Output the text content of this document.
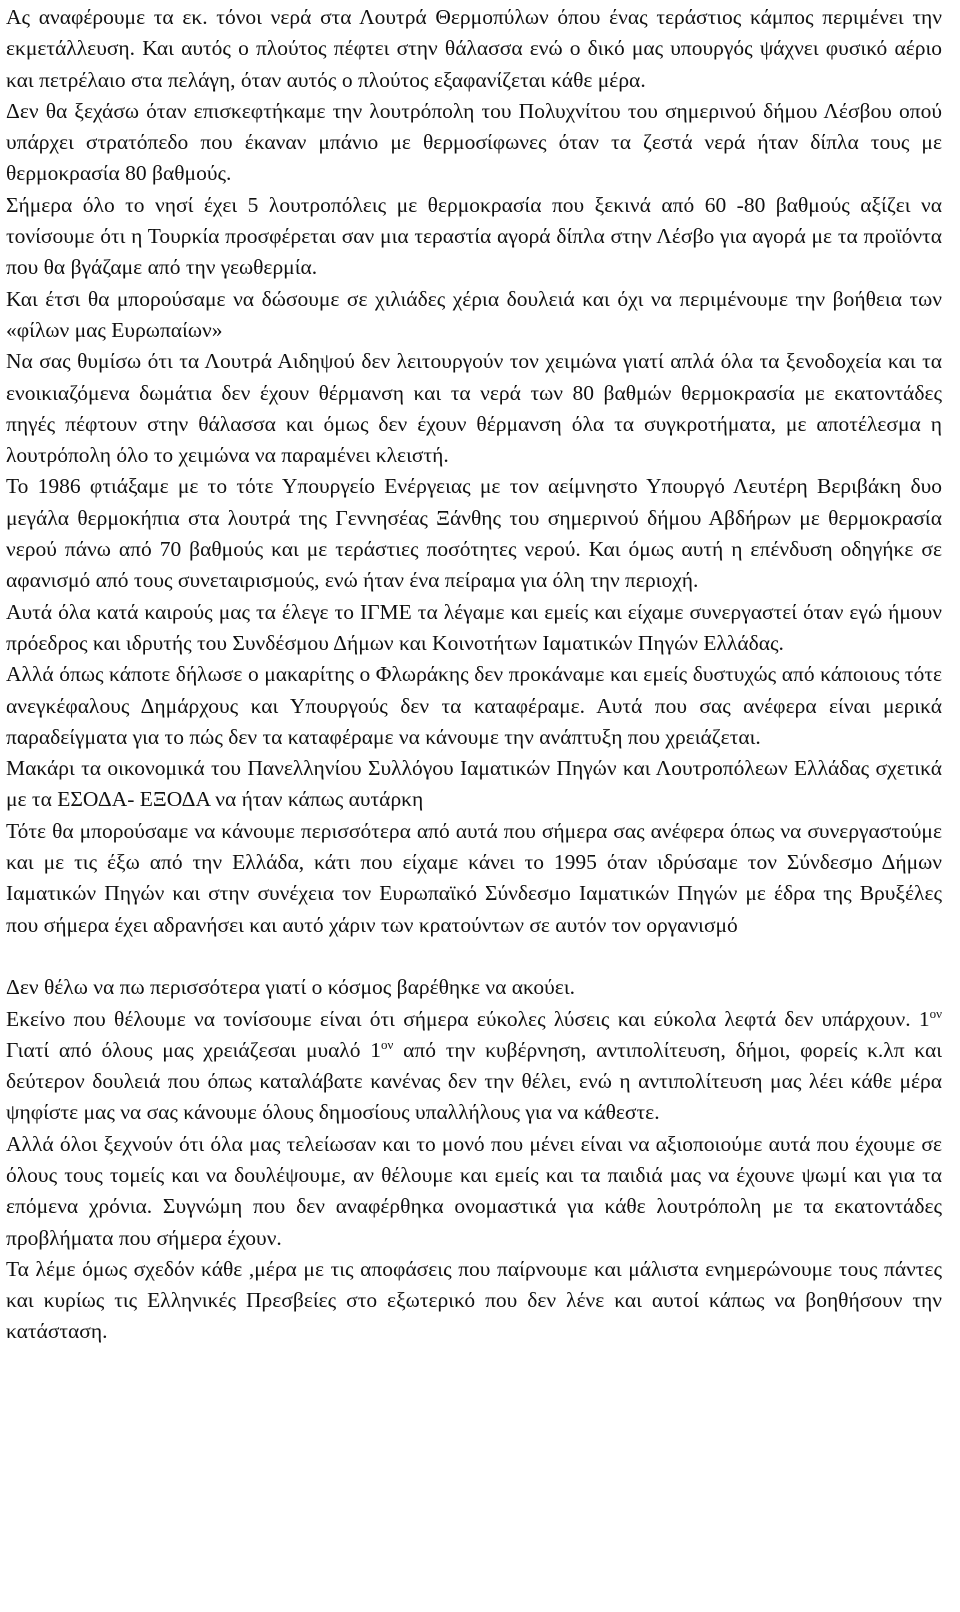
Ας αναφέρουμε τα εκ. τόνοι νερά στα Λουτρά Θερμοπύλων όπου ένας τεράστιος κάμπος περιμένει την εκμετάλλευση. Και αυτός ο πλούτος πέφτει στην θάλασσα ενώ ο δικό μας υπουργός ψάχνει φυσικό αέριο και πετρέλαιο στα πελάγη, όταν αυτός ο πλούτος εξαφανίζεται κάθε μέρα.

Δεν θα ξεχάσω όταν επισκεφτήκαμε την λουτρόπολη του Πολυχνίτου του σημερινού δήμου Λέσβου οπού υπάρχει στρατόπεδο που έκαναν μπάνιο με θερμοσίφωνες όταν τα ζεστά νερά ήταν δίπλα τους με θερμοκρασία 80 βαθμούς.

Σήμερα όλο το νησί έχει 5 λουτροπόλεις με θερμοκρασία που ξεκινά από 60 -80 βαθμούς αξίζει να τονίσουμε ότι η Τουρκία προσφέρεται σαν μια τεραστία αγορά δίπλα στην Λέσβο για αγορά με τα προϊόντα που θα βγάζαμε από την γεωθερμία.

Και έτσι θα μπορούσαμε να δώσουμε σε χιλιάδες χέρια δουλειά και όχι να περιμένουμε την βοήθεια των «φίλων μας Ευρωπαίων»

Να σας θυμίσω ότι τα Λουτρά Αιδηψού δεν λειτουργούν τον χειμώνα γιατί απλά όλα τα ξενοδοχεία και τα ενοικιαζόμενα δωμάτια δεν έχουν θέρμανση και τα νερά των 80 βαθμών θερμοκρασία με εκατοντάδες πηγές πέφτουν στην θάλασσα και όμως δεν έχουν θέρμανση όλα τα συγκροτήματα, με αποτέλεσμα η λουτρόπολη όλο το χειμώνα να παραμένει κλειστή.

Το 1986 φτιάξαμε με το τότε Υπουργείο Ενέργειας με τον αείμνηστο Υπουργό Λευτέρη Βεριβάκη δυο μεγάλα θερμοκήπια στα λουτρά της Γεννησέας Ξάνθης του σημερινού δήμου Αβδήρων με θερμοκρασία νερού πάνω από 70 βαθμούς και με τεράστιες ποσότητες νερού. Και όμως αυτή η επένδυση οδηγήκε σε αφανισμό από τους συνεταιρισμούς, ενώ ήταν ένα πείραμα για όλη την περιοχή.

Αυτά όλα κατά καιρούς μας τα έλεγε το ΙΓΜΕ τα λέγαμε και εμείς και είχαμε συνεργαστεί όταν εγώ ήμουν πρόεδρος και ιδρυτής του Συνδέσμου Δήμων και Κοινοτήτων Ιαματικών Πηγών Ελλάδας.

Αλλά όπως κάποτε δήλωσε ο μακαρίτης ο Φλωράκης δεν προκάναμε και εμείς δυστυχώς από κάποιους τότε ανεγκέφαλους Δημάρχους και Υπουργούς δεν τα καταφέραμε. Αυτά που σας ανέφερα είναι μερικά παραδείγματα για το πώς δεν τα καταφέραμε να κάνουμε την ανάπτυξη που χρειάζεται.

Μακάρι τα οικονομικά του Πανελληνίου Συλλόγου Ιαματικών Πηγών και Λουτροπόλεων Ελλάδας σχετικά με τα ΕΣΟΔΑ- ΕΞΟΔΑ να ήταν κάπως αυτάρκη

Τότε θα μπορούσαμε να κάνουμε περισσότερα από αυτά που σήμερα σας ανέφερα όπως να συνεργαστούμε και με τις έξω από την Ελλάδα, κάτι που είχαμε κάνει το 1995 όταν ιδρύσαμε τον Σύνδεσμο Δήμων Ιαματικών Πηγών και στην συνέχεια τον Ευρωπαϊκό Σύνδεσμο Ιαματικών Πηγών με έδρα της Βρυξέλες που σήμερα έχει αδρανήσει και αυτό χάριν των κρατούντων σε αυτόν τον οργανισμό

Δεν θέλω να πω περισσότερα γιατί ο κόσμος βαρέθηκε να ακούει.

Εκείνο που θέλουμε να τονίσουμε είναι ότι σήμερα εύκολες λύσεις και εύκολα λεφτά δεν υπάρχουν. $1^{o\nu}$ Γιατί από όλους μας χρειάζεσαι μυαλό $1^{o\nu}$ από την κυβέρνηση, αντιπολίτευση, δήμοι, φορείς κ.λπ και δεύτερον δουλειά που όπως καταλάβατε κανένας δεν την θέλει, ενώ η αντιπολίτευση μας λέει κάθε μέρα ψηφίστε μας να σας κάνουμε όλους δημοσίους υπαλλήλους για να κάθεστε.

Αλλά όλοι ξεχνούν ότι όλα μας τελείωσαν και το μονό που μένει είναι να αξιοποιούμε αυτά που έχουμε σε όλους τους τομείς και να δουλέψουμε, αν θέλουμε και εμείς και τα παιδιά μας να έχουνε ψωμί και για τα επόμενα χρόνια. Συγνώμη που δεν αναφέρθηκα ονομαστικά για κάθε λουτρόπολη με τα εκατοντάδες προβλήματα που σήμερα έχουν.

Τα λέμε όμως σχεδόν κάθε ,μέρα με τις αποφάσεις που παίρνουμε και μάλιστα ενημερώνουμε τους πάντες και κυρίως τις Ελληνικές Πρεσβείες στο εξωτερικό που δεν λένε και αυτοί κάπως να βοηθήσουν την κατάσταση.
